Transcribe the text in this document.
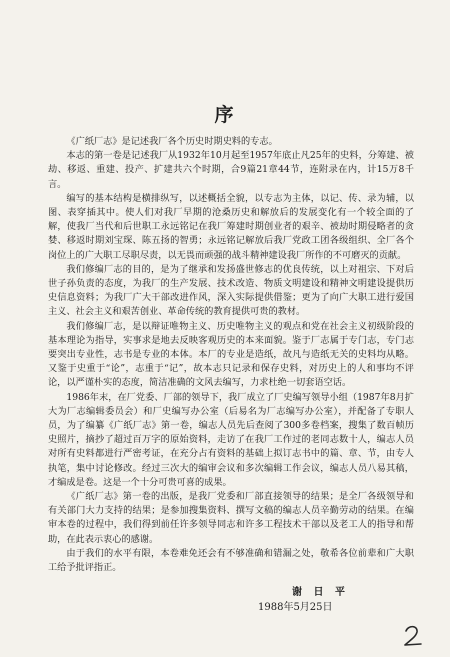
序

《广纸厂志》是记述我厂各个历史时期史料的专志。

本志的第一卷是记述我厂从1932年10月起至1957年底止凡25年的史料，分筹建、被劫、移返、重建、投产、扩建共六个时期，合9篇21章44节，连附录在内，计15万8千言。

编写的基本结构是横排纵写，以述概括全貌，以专志为主体，以记、传、录为辅，以图、表穿插其中。使人们对我厂早期的沧桑历史和解放后的发展变化有一个较全面的了解，使我厂当代和后世职工永远铭记在我厂筹建时期创业者的艰辛、被劫时期侵略者的贪婪、移返时期刘宝琛、陈五扬的智勇；永远铭记解放后我厂党政工团各级组织、全厂各个岗位上的广大职工尽职尽责，以无畏而顽强的战斗精神建设我厂所作的不可磨灭的贡献。

我们修编厂志的目的，是为了继承和发扬盛世修志的优良传统，以上对祖宗、下对后世子孙负责的态度，为我厂的生产发展、技术改造、物质文明建设和精神文明建设提供历史信息资料；为我厂广大干部改进作风，深入实际提供借鉴；更为了向广大职工进行爱国主义、社会主义和艰苦创业、革命传统的教育提供可贵的教材。

我们修编厂志，是以辩证唯物主义、历史唯物主义的观点和党在社会主义初级阶段的基本理论为指导，实事求是地去反映客观历史的本来面貌。鉴于厂志属于专门志，专门志要突出专业性，志书是专业的本体。本厂的专业是造纸，故凡与造纸无关的史料均从略。又鉴于史重于“论”，志重于“记”，故本志只记录和保存史料，对历史上的人和事均不评论，以严谨朴实的态度，简洁准确的文风去编写，力求杜绝一切套语空话。

1986年末，在厂党委、厂部的领导下，我厂成立了厂史编写领导小组（1987年8月扩大为厂志编辑委员会）和厂史编写办公室（后易名为厂志编写办公室），并配备了专职人员，为了编纂《广纸厂志》第一卷，编志人员先后查阅了300多卷档案，搜集了数百帧历史照片，摘抄了超过百万字的原始资料，走访了在我厂工作过的老同志数十人，编志人员对所有史料都进行严密考证，在充分占有资料的基础上拟订志书中的篇、章、节，由专人执笔，集中讨论修改。经过三次大的编审会议和多次编辑工作会议，编志人员八易其稿，才编成是卷。这是一个十分可贵可喜的成果。

《广纸厂志》第一卷的出版，是我厂党委和厂部直接领导的结果；是全厂各级领导和有关部门大力支持的结果；是参加搜集资料、撰写文稿的编志人员辛勤劳动的结果。在编审本卷的过程中，我们得到前任许多领导同志和许多工程技术干部以及老工人的指导和帮助，在此表示衷心的感谢。

由于我们的水平有限，本卷难免还会有不够准确和错漏之处，敬希各位前辈和广大职工给予批评指正。

谢 日 平
1988年5月25日
